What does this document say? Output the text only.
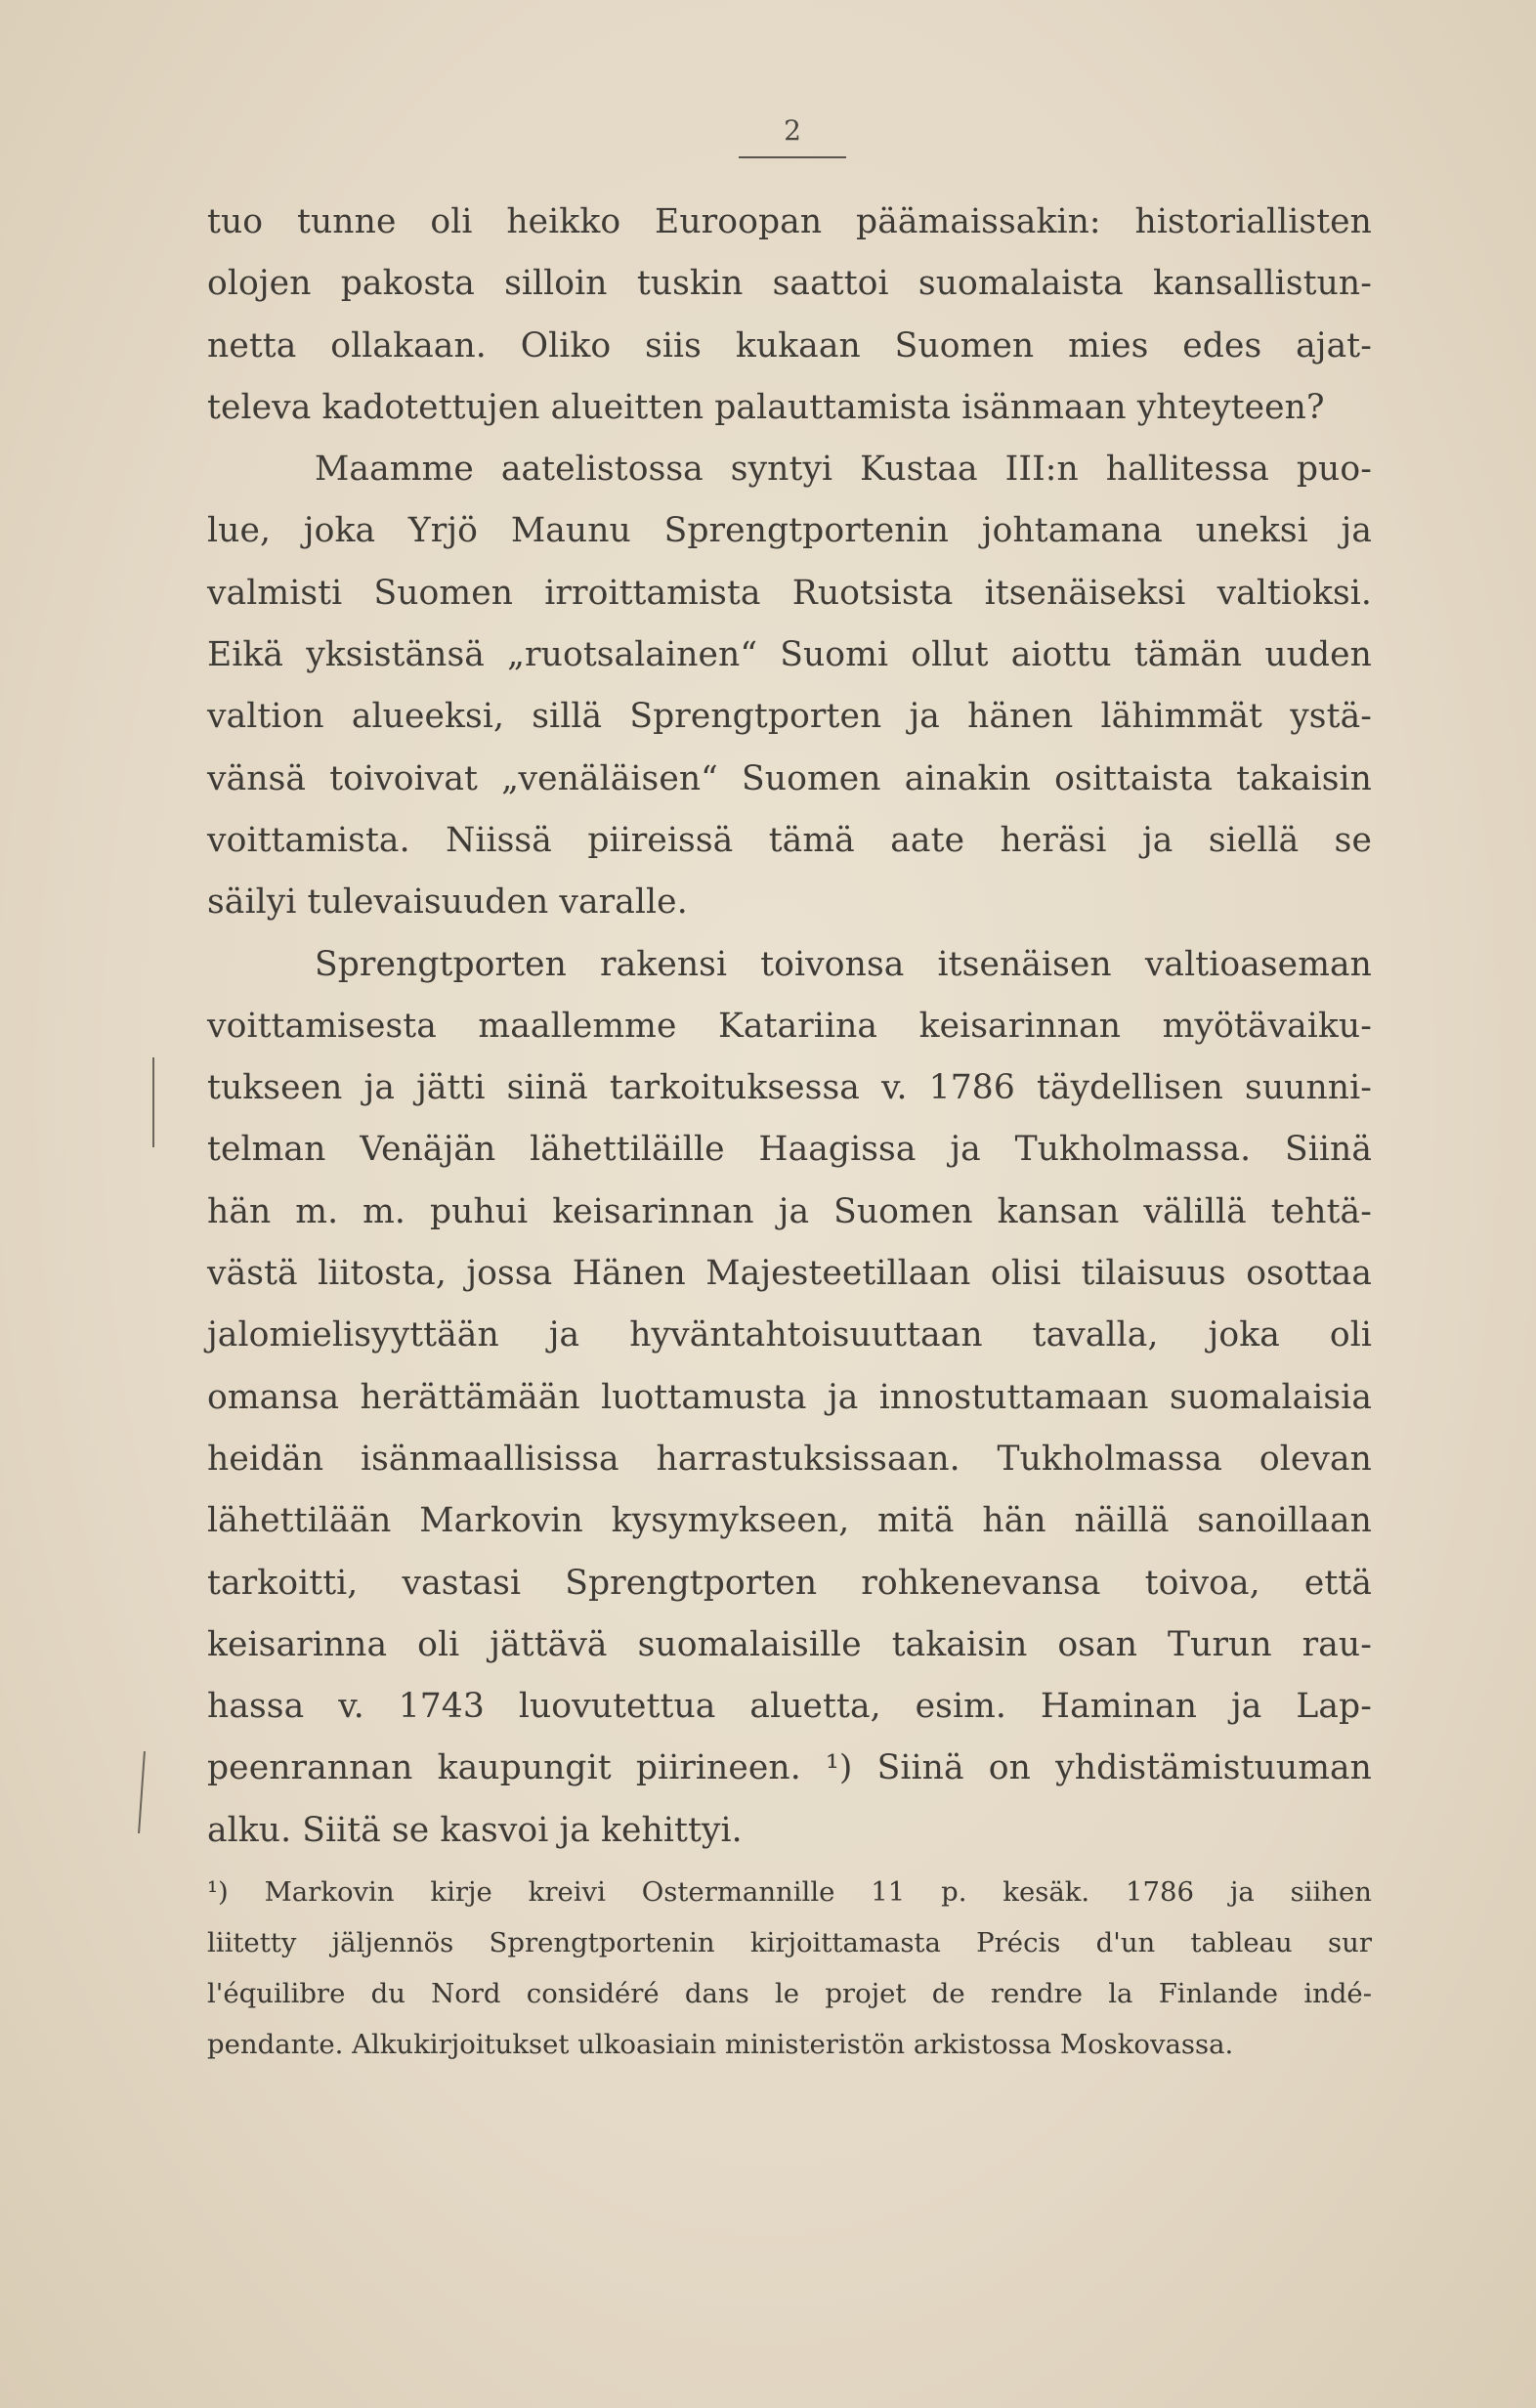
2
tuo tunne oli heikko Euroopan päämaissakin: historiallisten
olojen pakosta silloin tuskin saattoi suomalaista kansallistun-
netta ollakaan. Oliko siis kukaan Suomen mies edes ajat-
televa kadotettujen alueitten palauttamista isänmaan yhteyteen?
Maamme aatelistossa syntyi Kustaa III:n hallitessa puo-
lue, joka Yrjö Maunu Sprengtportenin johtamana uneksi ja
valmisti Suomen irroittamista Ruotsista itsenäiseksi valtioksi.
Eikä yksistänsä „ruotsalainen“ Suomi ollut aiottu tämän uuden
valtion alueeksi, sillä Sprengtporten ja hänen lähimmät ystä-
vänsä toivoivat „venäläisen“ Suomen ainakin osittaista takaisin
voittamista. Niissä piireissä tämä aate heräsi ja siellä se
säilyi tulevaisuuden varalle.
Sprengtporten rakensi toivonsa itsenäisen valtioaseman
voittamisesta maallemme Katariina keisarinnan myötävaiku-
tukseen ja jätti siinä tarkoituksessa v. 1786 täydellisen suunni-
telman Venäjän lähettiläille Haagissa ja Tukholmassa. Siinä
hän m. m. puhui keisarinnan ja Suomen kansan välillä tehtä-
västä liitosta, jossa Hänen Majesteetillaan olisi tilaisuus osottaa
jalomielisyyttään ja hyväntahtoisuuttaan tavalla, joka oli
omansa herättämään luottamusta ja innostuttamaan suomalaisia
heidän isänmaallisissa harrastuksissaan. Tukholmassa olevan
lähettilään Markovin kysymykseen, mitä hän näillä sanoillaan
tarkoitti, vastasi Sprengtporten rohkenevansa toivoa, että
keisarinna oli jättävä suomalaisille takaisin osan Turun rau-
hassa v. 1743 luovutettua aluetta, esim. Haminan ja Lap-
peenrannan kaupungit piirineen. ¹) Siinä on yhdistämistuuman
alku. Siitä se kasvoi ja kehittyi.
¹) Markovin kirje kreivi Ostermannille 11 p. kesäk. 1786 ja siihen
liitetty jäljennös Sprengtportenin kirjoittamasta Précis d'un tableau sur
l'équilibre du Nord considéré dans le projet de rendre la Finlande indé-
pendante. Alkukirjoitukset ulkoasiain ministeristön arkistossa Moskovassa.
